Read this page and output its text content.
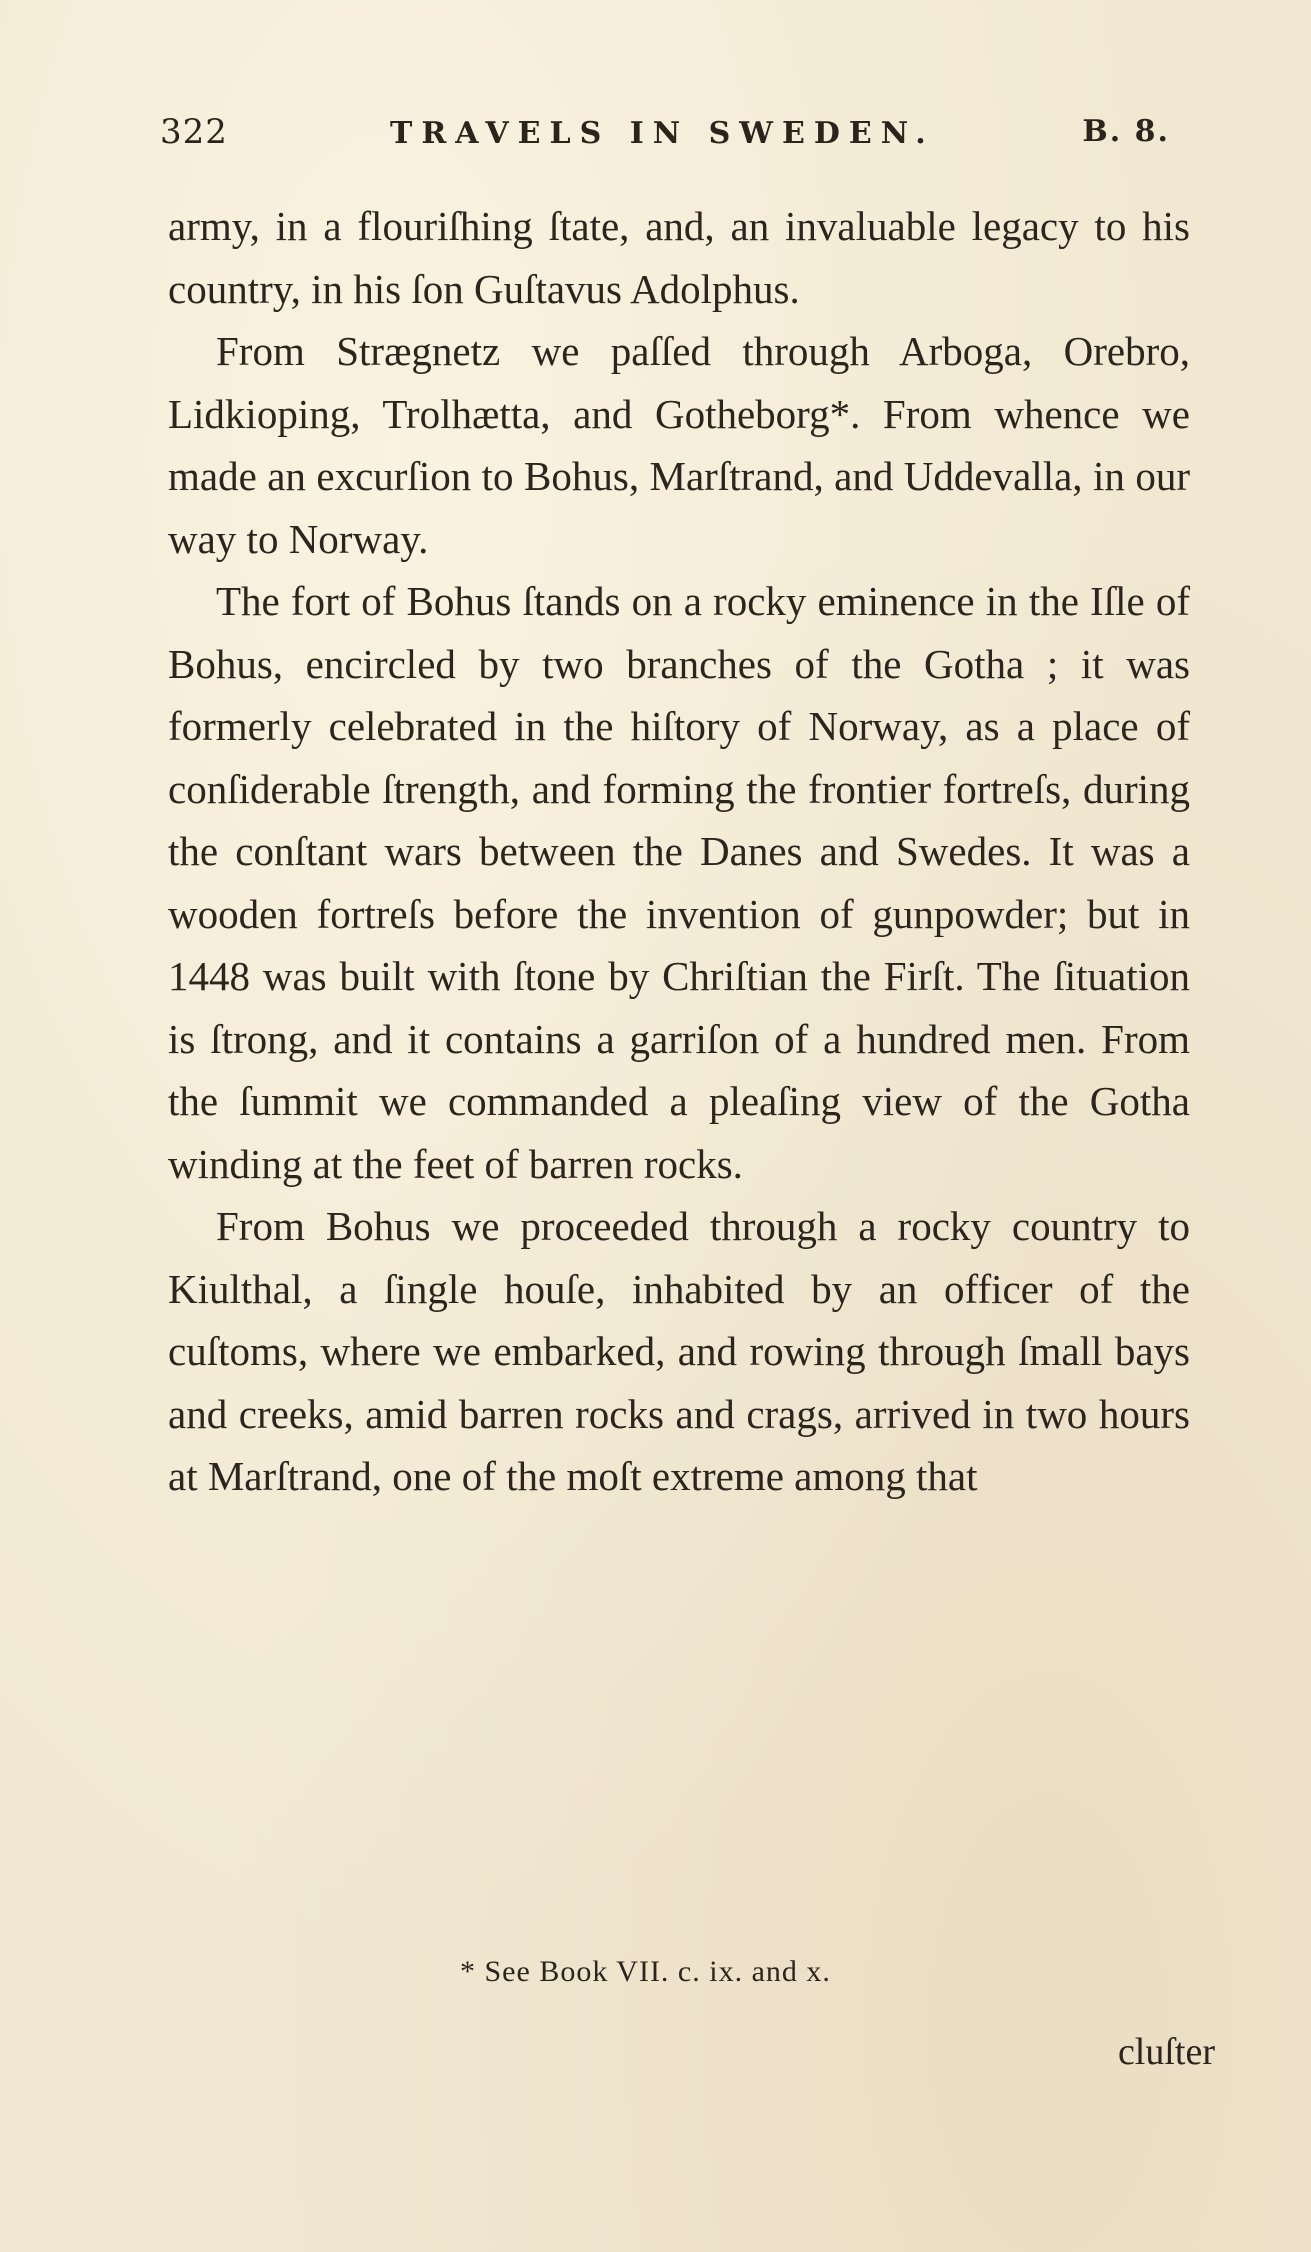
322	TRAVELS IN SWEDEN.	B. 8.

army, in a flouriſhing ſtate, and, an invaluable legacy to his country, in his ſon Guſtavus Adolphus.

From Strægnetz we paſſed through Arboga, Orebro, Lidkioping, Trolhætta, and Gotheborg*. From whence we made an excurſion to Bohus, Marſtrand, and Uddevalla, in our way to Norway.

The fort of Bohus ſtands on a rocky eminence in the Iſle of Bohus, encircled by two branches of the Gotha ; it was formerly celebrated in the hiſtory of Norway, as a place of conſiderable ſtrength, and forming the frontier fortreſs, during the conſtant wars between the Danes and Swedes. It was a wooden fortreſs before the invention of gunpowder; but in 1448 was built with ſtone by Chriſtian the Firſt. The ſituation is ſtrong, and it contains a garriſon of a hundred men. From the ſummit we commanded a pleaſing view of the Gotha winding at the feet of barren rocks.

From Bohus we proceeded through a rocky country to Kiulthal, a ſingle houſe, inhabited by an officer of the cuſtoms, where we embarked, and rowing through ſmall bays and creeks, amid barren rocks and crags, arrived in two hours at Marſtrand, one of the moſt extreme among that

* See Book VII. c. ix. and x.
cluſter
